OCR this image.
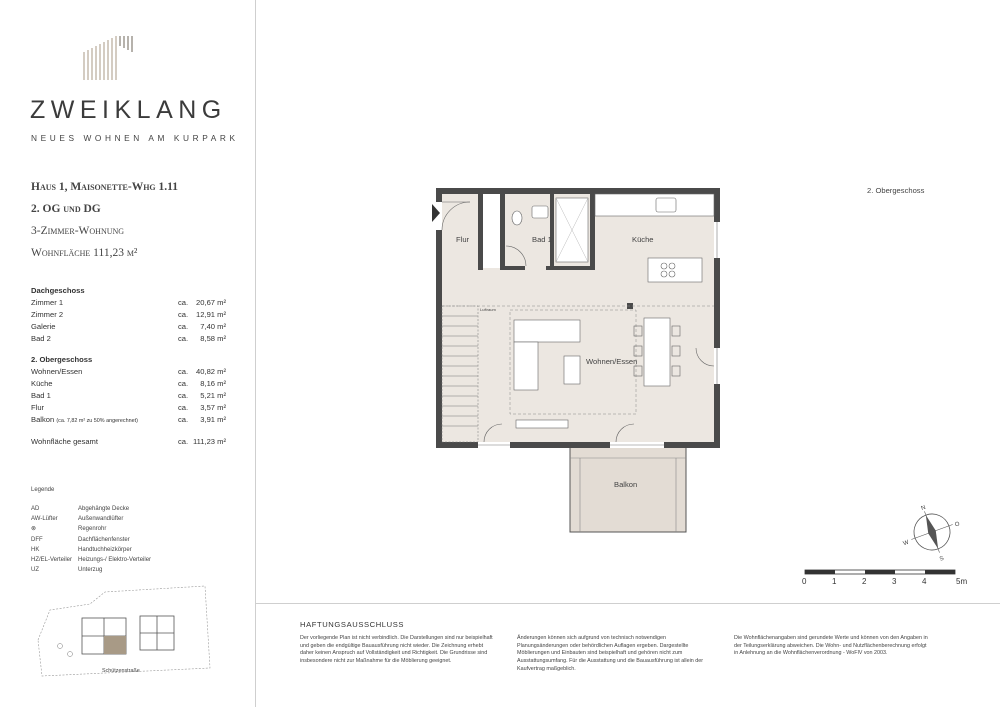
ZWEIKLANG
NEUES WOHNEN AM KURPARK
Haus 1, Maisonette-Whg 1.11
2. OG und DG
3-Zimmer-Wohnung
Wohnfläche 111,23 m²
Dachgeschoss
Zimmer 1	ca. 20,67 m²
Zimmer 2	ca. 12,91 m²
Galerie	ca. 7,40 m²
Bad 2	ca. 8,58 m²
2. Obergeschoss
Wohnen/Essen	ca. 40,82 m²
Küche	ca. 8,16 m²
Bad 1	ca. 5,21 m²
Flur	ca. 3,57 m²
Balkon (ca. 7,82 m² zu 50% angerechnet)	ca. 3,91 m²
Wohnfläche gesamt	ca. 111,23 m²
Legende
AD	Abgehängte Decke
AW-Lüfter	Außenwandlüfter
⊗	Regenrohr
DFF	Dachflächenfenster
HK	Handtuchheizkörper
HZ/EL-Verteiler Heizungs-/ Elektro-Verteiler
UZ	Unterzug
Schützenstraße
2. Obergeschoss
Flur	Bad 1	Küche
Wohnen/Essen
Balkon
Luftraum
N
O
S
W
0	1	2	3	4	5m
HAFTUNGSAUSSCHLUSS
Der vorliegende Plan ist nicht verbindlich. Die Darstellungen sind nur beispielhaft und geben die endgültige Bauausführung nicht wieder. Die Zeichnung erhebt daher keinen Anspruch auf Vollständigkeit und Richtigkeit. Die Grundrisse sind insbesondere nicht zur Maßnahme für die Möblierung geeignet.
Änderungen können sich aufgrund von technisch notwendigen Planungsänderungen oder behördlichen Auflagen ergeben. Dargestellte Möblierungen und Einbauten sind beispielhaft und gehören nicht zum Ausstattungsumfang. Für die Ausstattung und die Bauausführung ist allein der Kaufvertrag maßgeblich.
Die Wohnflächenangaben sind gerundete Werte und können von den Angaben in der Teilungserklärung abweichen. Die Wohn- und Nutzflächenberechnung erfolgt in Anlehnung an die Wohnflächenverordnung - WoFlV von 2003.
